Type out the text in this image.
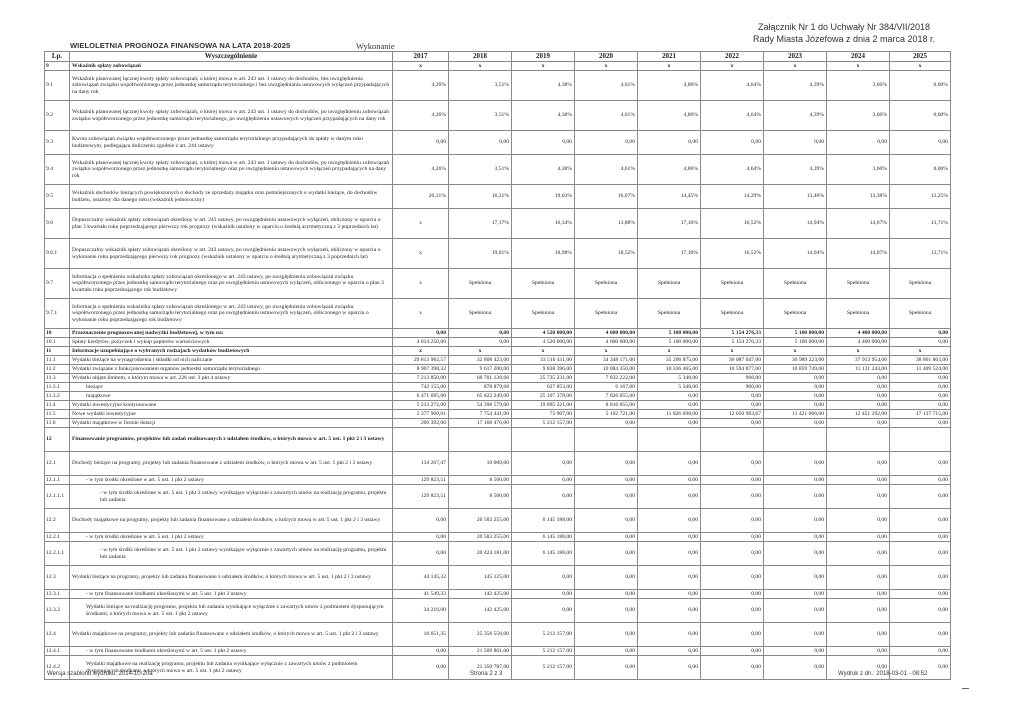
Załącznik Nr 1 do Uchwały Nr 384/VII/2018
Rady Miasta Józefowa z dnia 2 marca 2018 r.
WIELOLETNIA PROGNOZA FINANSOWA NA LATA 2018-2025	Wykonanie
Lp.	Wyszczególnienie	2017	2018	2019	2020	2021	2022	2023	2024	2025
9	Wskaźnik spłaty zobowiązań	x	x	x	x	x	x	x	x	x
9.1	Wskaźnik planowanej łącznej kwoty spłaty zobowiązań, o której mowa w art. 243 ust. 1 ustawy do dochodów, bez uwzględnienia zobowiązań związku współtworzonego przez jednostkę samorządu terytorialnego i bez uwzględniania ustawowych wyłączeń przypadających na dany rok	4,26%	3,51%	4,38%	4,61%	4,86%	4,64%	4,39%	3,60%	0,00%
9.2	Wskaźnik planowanej łącznej kwoty spłaty zobowiązań, o której mowa w art. 243 ust. 1 ustawy do dochodów, po uwzględnieniu zobowiązań związku współtworzonego przez jednostkę samorządu terytorialnego, po uwzględnieniu ustawowych wyłączeń przypadających na dany rok	4,26%	3,51%	4,38%	4,61%	4,86%	4,64%	4,39%	3,60%	0,00%
9.3	Kwota zobowiązań związku współtworzonego przez jednostkę samorządu terytorialnego przypadających do spłaty w danym roku budżetowym, podlegająca doliczeniu zgodnie z art. 244 ustawy	0,00	0,00	0,00	0,00	0,00	0,00	0,00	0,00	0,00
9.4	Wskaźnik planowanej łącznej kwoty spłaty zobowiązań, o której mowa w art. 243 ust. 1 ustawy do dochodów, po uwzględnieniu zobowiązań związku współtworzonego przez jednostkę samorządu terytorialnego oraz po uwzględnieniu ustawowych wyłączeń przypadających na dany rok	4,26%	3,51%	4,38%	4,61%	4,86%	4,64%	4,39%	3,60%	0,00%
9.5	Wskaźnik dochodów bieżących powiększonych o dochody ze sprzedaży majątku oraz pomniejszonych o wydatki bieżące, do dochodów budżetu, ustalony dla danego roku (wskaźnik jednoroczny)	20,31%	16,21%	19,03%	16,07%	14,45%	14,29%	13,46%	13,38%	13,25%
9.6	Dopuszczalny wskaźnik spłaty zobowiązań określony w art. 243 ustawy, po uwzględnieniu ustawowych wyłączeń, obliczony w oparciu o plan 3 kwartału roku poprzedzającego pierwszy rok prognozy (wskaźnik ustalony w oparciu o średnią arytmetyczną z 3 poprzednich lat)	x	17,17%	16,34%	13,88%	17,10%	16,52%	14,94%	14,07%	13,71%
9.6.1	Dopuszczalny wskaźnik spłaty zobowiązań określony w art. 243 ustawy, po uwzględnieniu ustawowych wyłączeń, obliczony w oparciu o wykonanie roku poprzedzającego pierwszy rok prognozy (wskaźnik ustalony w oparciu o średnią arytmetyczną z 3 poprzednich lat)	x	19,81%	18,98%	18,52%	17,10%	16,52%	14,94%	14,07%	13,71%
9.7	Informacja o spełnieniu wskaźnika spłaty zobowiązań określonego w art. 243 ustawy, po uwzględnieniu zobowiązań związku współtworzonego przez jednostkę samorządu terytorialnego oraz po uwzględnieniu ustawowych wyłączeń, obliczonego w oparciu o plan 3 kwartału roku poprzedzającego rok budżetowy	x	Spełniona	Spełniona	Spełniona	Spełniona	Spełniona	Spełniona	Spełniona	Spełniona
9.7.1	Informacja o spełnieniu wskaźnika spłaty zobowiązań określonego w art. 243 ustawy, po uwzględnieniu zobowiązań związku współtworzonego przez jednostkę samorządu terytorialnego oraz po uwzględnieniu ustawowych wyłączeń, obliczonego w oparciu o wykonanie roku poprzedzającego rok budżetowy	x	Spełniona	Spełniona	Spełniona	Spełniona	Spełniona	Spełniona	Spełniona	Spełniona
10	Przeznaczenie prognozowanej nadwyżki budżetowej, w tym na:	0,00	0,00	4 520 000,00	4 600 000,00	5 100 000,00	5 154 276,33	5 100 000,00	4 400 000,00	0,00
10.1	Spłaty kredytów, pożyczek i wykup papierów wartościowych	4 014 250,00	0,00	4 520 000,00	4 600 000,00	5 100 000,00	5 154 276,33	5 100 000,00	4 400 000,00	0,00
11	Informacje uzupełniające o wybranych rodzajach wydatków budżetowych	x	x	x	x	x	x	x	x	x
11.1	Wydatki bieżące na wynagrodzenia i składki od nich naliczane	29 813 982,57	32 808 423,00	33 510 411,00	34 348 171,00	35 206 875,00	36 087 047,00	36 989 223,00	37 913 954,00	38 861 803,00
11.2	Wydatki związane z funkcjonowaniem organów jednostki samorządu terytorialnego	8 907 398,32	9 617 200,00	9 838 396,00	10 084 356,00	10 336 465,00	10 594 877,00	10 859 749,00	11 131 243,00	11 409 524,00
11.3	Wydatki objęte limitem, o którym mowa w art. 226 ust. 3 pkt 4 ustawy	7 213 850,00	66 701 128,68	25 735 231,00	7 832 222,00	5 348,00	966,00	0,00	0,00	0,00
11.3.1	bieżące	742 155,00	878 879,68	627 853,00	6 167,00	5 348,00	966,00	0,00	0,00	0,00
11.3.2	majątkowe	6 471 695,00	65 822 249,00	25 107 378,00	7 826 055,00	0,00	0,00	0,00	0,00	0,00
11.4	Wydatki inwestycyjne kontynuowane	5 213 272,00	54 398 579,00	19 895 221,00	8 816 055,00	0,00	0,00	0,00	0,00	0,00
11.5	Nowe wydatki inwestycyjne	2 377 960,01	7 754 441,00	73 907,00	5 192 721,00	11 826 698,00	12 050 983,67	11 421 066,00	12 451 192,00	17 137 715,00
11.6	Wydatki majątkowe w formie dotacji	206 392,06	17 168 476,00	5 212 157,00	0,00	0,00	0,00	0,00	0,00	0,00
12	Finansowanie programów, projektów lub zadań realizowanych z udziałem środków, o których mowa w art. 5 ust. 1 pkt 2 i 3 ustawy									
12.1	Dochody bieżące na programy, projekty lub zadania finansowane z udziałem środków, o których mowa w art. 5 ust. 1 pkt 2 i 3 ustawy	134 267,47	10 000,00	0,00	0,00	0,00	0,00	0,00	0,00	0,00
12.1.1	- w tym środki określone w art. 5 ust. 1 pkt 2 ustawy	129 823,51	8 500,00	0,00	0,00	0,00	0,00	0,00	0,00	0,00
12.1.1.1	- w tym środki określone w art. 5 ust. 1 pkt 2 ustawy wynikające wyłącznie z zawartych umów na realizację programu, projektu lub zadania	129 823,51	8 500,00	0,00	0,00	0,00	0,00	0,00	0,00	0,00
12.2	Dochody majątkowe na programy, projekty lub zadania finansowane z udziałem środków, o których mowa w art. 5 ust. 1 pkt 2 i 3 ustawy	0,00	20 583 255,00	6 145 188,00	0,00	0,00	0,00	0,00	0,00	0,00
12.2.1	- w tym środki określone w art. 5 ust. 1 pkt 2 ustawy	0,00	20 583 255,00	6 145 188,00	0,00	0,00	0,00	0,00	0,00	0,00
12.2.1.1	- w tym środki określone w art. 5 ust. 1 pkt 2 ustawy wynikające wyłącznie z zawartych umów na realizację programu, projektu lub zadania	0,00	20 424 181,00	6 145 188,00	0,00	0,00	0,00	0,00	0,00	0,00
12.3	Wydatki bieżące na programy, projekty lub zadania finansowane z udziałem środków, o których mowa w art. 5 ust. 1 pkt 2 i 3 ustawy	44 145,32	145 125,00	0,00	0,00	0,00	0,00	0,00	0,00	0,00
12.3.1	- w tym finansowane środkami określonymi w art. 5 ust. 1 pkt 2 ustawy	41 549,33	142 425,00	0,00	0,00	0,00	0,00	0,00	0,00	0,00
12.3.2	Wydatki bieżące na realizację programu, projektu lub zadania wynikające wyłącznie z zawartych umów z podmiotem dysponującym środkami, o których mowa w art. 5 ust. 1 pkt 2 ustawy	34 216,00	142 425,00	0,00	0,00	0,00	0,00	0,00	0,00	0,00
12.4	Wydatki majątkowe na programy, projekty lub zadania finansowane z udziałem środków, o których mowa w art. 5 ust. 1 pkt 2 i 3 ustawy	18 651,35	25 356 556,00	5 212 157,00	0,00	0,00	0,00	0,00	0,00	0,00
12.4.1	- w tym finansowane środkami określonymi w art. 5 ust. 1 pkt 2 ustawy	0,00	21 509 861,00	5 212 157,00	0,00	0,00	0,00	0,00	0,00	0,00
12.4.2	Wydatki majątkowe na realizację programu, projektu lub zadania wynikające wyłącznie z zawartych umów z podmiotem dysponującym środkami, o których mowa w art. 5 ust. 1 pkt 2 ustawy	0,00	21 350 787,00	5 212 157,00	0,00	0,00	0,00	0,00	0,00	0,00
Wersja szablonu wydruku: 2014-10-20a	Strona 2 z 3	Wydruk z dn.: 2018-03-01 - 08:52
